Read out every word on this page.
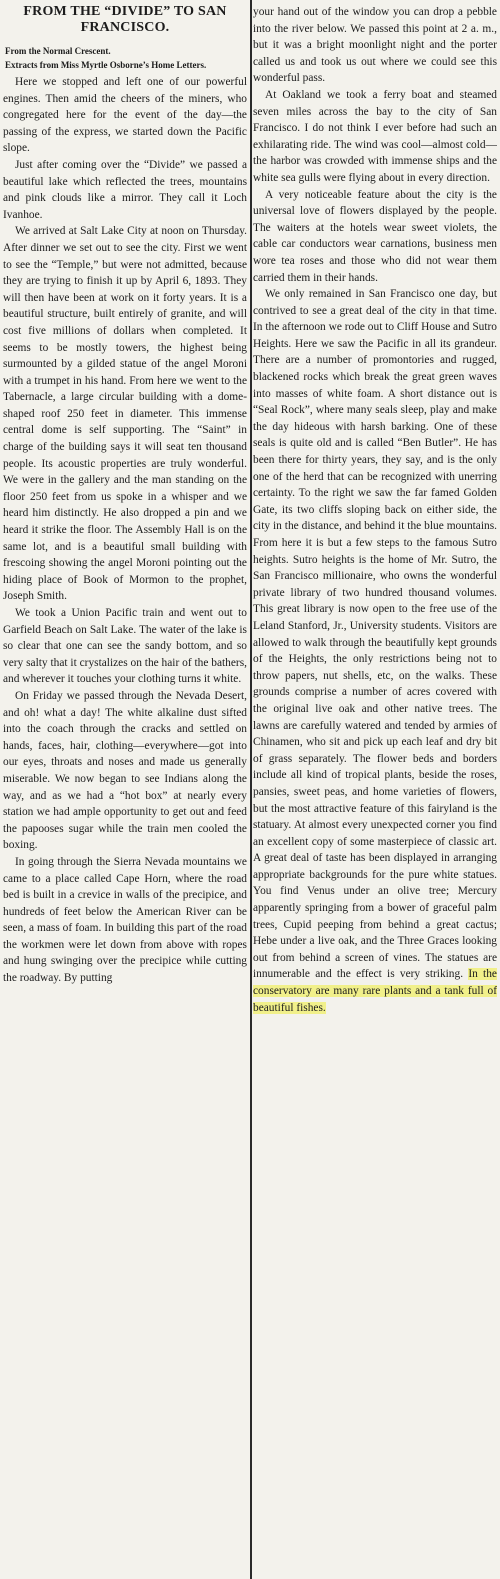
FROM THE “DIVIDE” TO SAN FRANCISCO.
From the Normal Crescent.
Extracts from Miss Myrtle Osborne’s Home Letters.

Here we stopped and left one of our powerful engines. Then amid the cheers of the miners, who congregated here for the event of the day—the passing of the express, we started down the Pacific slope.

Just after coming over the “Divide” we passed a beautiful lake which reflected the trees, mountains and pink clouds like a mirror. They call it Loch Ivanhoe.

We arrived at Salt Lake City at noon on Thursday. After dinner we set out to see the city. First we went to see the “Temple,” but were not admitted, because they are trying to finish it up by April 6, 1893. They will then have been at work on it forty years. It is a beautiful structure, built entirely of granite, and will cost five millions of dollars when completed. It seems to be mostly towers, the highest being surmounted by a gilded statue of the angel Moroni with a trumpet in his hand. From here we went to the Tabernacle, a large circular building with a dome-shaped roof 250 feet in diameter. This immense central dome is self supporting. The “Saint” in charge of the building says it will seat ten thousand people. Its acoustic properties are truly wonderful. We were in the gallery and the man standing on the floor 250 feet from us spoke in a whisper and we heard him distinctly. He also dropped a pin and we heard it strike the floor. The Assembly Hall is on the same lot, and is a beautiful small building with frescoing showing the angel Moroni pointing out the hiding place of Book of Mormon to the prophet, Joseph Smith.

We took a Union Pacific train and went out to Garfield Beach on Salt Lake. The water of the lake is so clear that one can see the sandy bottom, and so very salty that it crystalizes on the hair of the bathers, and wherever it touches your clothing turns it white.

On Friday we passed through the Nevada Desert, and oh! what a day! The white alkaline dust sifted into the coach through the cracks and settled on hands, faces, hair, clothing—everywhere—got into our eyes, throats and noses and made us generally miserable. We now began to see Indians along the way, and as we had a “hot box” at nearly every station we had ample opportunity to get out and feed the papooses sugar while the train men cooled the boxing.

In going through the Sierra Nevada mountains we came to a place called Cape Horn, where the road bed is built in a crevice in walls of the precipice, and hundreds of feet below the American River can be seen, a mass of foam. In building this part of the road the workmen were let down from above with ropes and hung swinging over the precipice while cutting the roadway. By putting

your hand out of the window you can drop a pebble into the river below. We passed this point at 2 a. m., but it was a bright moonlight night and the porter called us and took us out where we could see this wonderful pass.

At Oakland we took a ferry boat and steamed seven miles across the bay to the city of San Francisco. I do not think I ever before had such an exhilarating ride. The wind was cool—almost cold—the harbor was crowded with immense ships and the white sea gulls were flying about in every direction.

A very noticeable feature about the city is the universal love of flowers displayed by the people. The waiters at the hotels wear sweet violets, the cable car conductors wear carnations, business men wore tea roses and those who did not wear them carried them in their hands.

We only remained in San Francisco one day, but contrived to see a great deal of the city in that time. In the afternoon we rode out to Cliff House and Sutro Heights. Here we saw the Pacific in all its grandeur. There are a number of promontories and rugged, blackened rocks which break the great green waves into masses of white foam. A short distance out is “Seal Rock”, where many seals sleep, play and make the day hideous with harsh barking. One of these seals is quite old and is called “Ben Butler”. He has been there for thirty years, they say, and is the only one of the herd that can be recognized with unerring certainty. To the right we saw the far famed Golden Gate, its two cliffs sloping back on either side, the city in the distance, and behind it the blue mountains. From here it is but a few steps to the famous Sutro heights. Sutro heights is the home of Mr. Sutro, the San Francisco millionaire, who owns the wonderful private library of two hundred thousand volumes. This great library is now open to the free use of the Leland Stanford, Jr., University students. Visitors are allowed to walk through the beautifully kept grounds of the Heights, the only restrictions being not to throw papers, nut shells, etc, on the walks. These grounds comprise a number of acres covered with the original live oak and other native trees. The lawns are carefully watered and tended by armies of Chinamen, who sit and pick up each leaf and dry bit of grass separately. The flower beds and borders include all kind of tropical plants, beside the roses, pansies, sweet peas, and home varieties of flowers, but the most attractive feature of this fairyland is the statuary. At almost every unexpected corner you find an excellent copy of some masterpiece of classic art. A great deal of taste has been displayed in arranging appropriate backgrounds for the pure white statues. You find Venus under an olive tree; Mercury apparently springing from a bower of graceful palm trees, Cupid peeping from behind a great cactus; Hebe under a live oak, and the Three Graces looking out from behind a screen of vines. The statues are innumerable and the effect is very striking. In the conservatory are many rare plants and a tank full of beautiful fishes.
